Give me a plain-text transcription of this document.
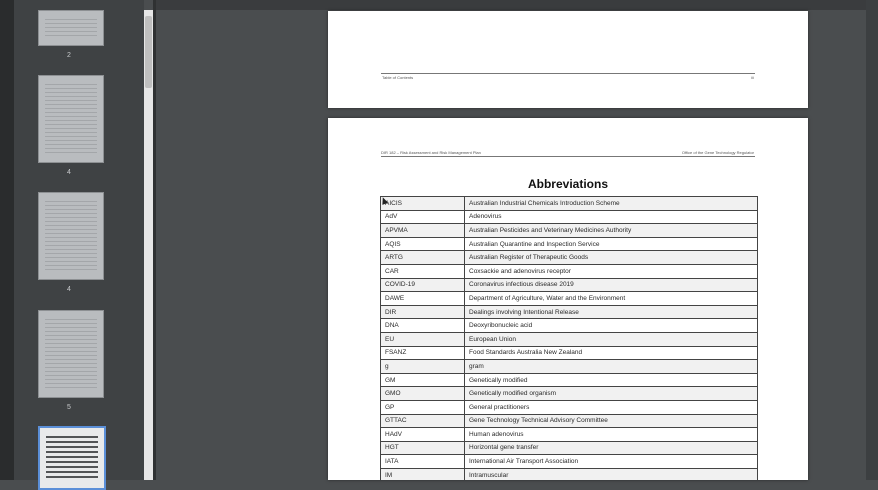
2
4
4
5
Table of Contents	iii
DIR 182 – Risk Assessment and Risk Management Plan	Office of the Gene Technology Regulator
Abbreviations
AICIS	Australian Industrial Chemicals Introduction Scheme
AdV	Adenovirus
APVMA	Australian Pesticides and Veterinary Medicines Authority
AQIS	Australian Quarantine and Inspection Service
ARTG	Australian Register of Therapeutic Goods
CAR	Coxsackie and adenovirus receptor
COVID-19	Coronavirus infectious disease 2019
DAWE	Department of Agriculture, Water and the Environment
DIR	Dealings involving Intentional Release
DNA	Deoxyribonucleic acid
EU	European Union
FSANZ	Food Standards Australia New Zealand
g	gram
GM	Genetically modified
GMO	Genetically modified organism
GP	General practitioners
GTTAC	Gene Technology Technical Advisory Committee
HAdV	Human adenovirus
HGT	Horizontal gene transfer
IATA	International Air Transport Association
IM	Intramuscular
